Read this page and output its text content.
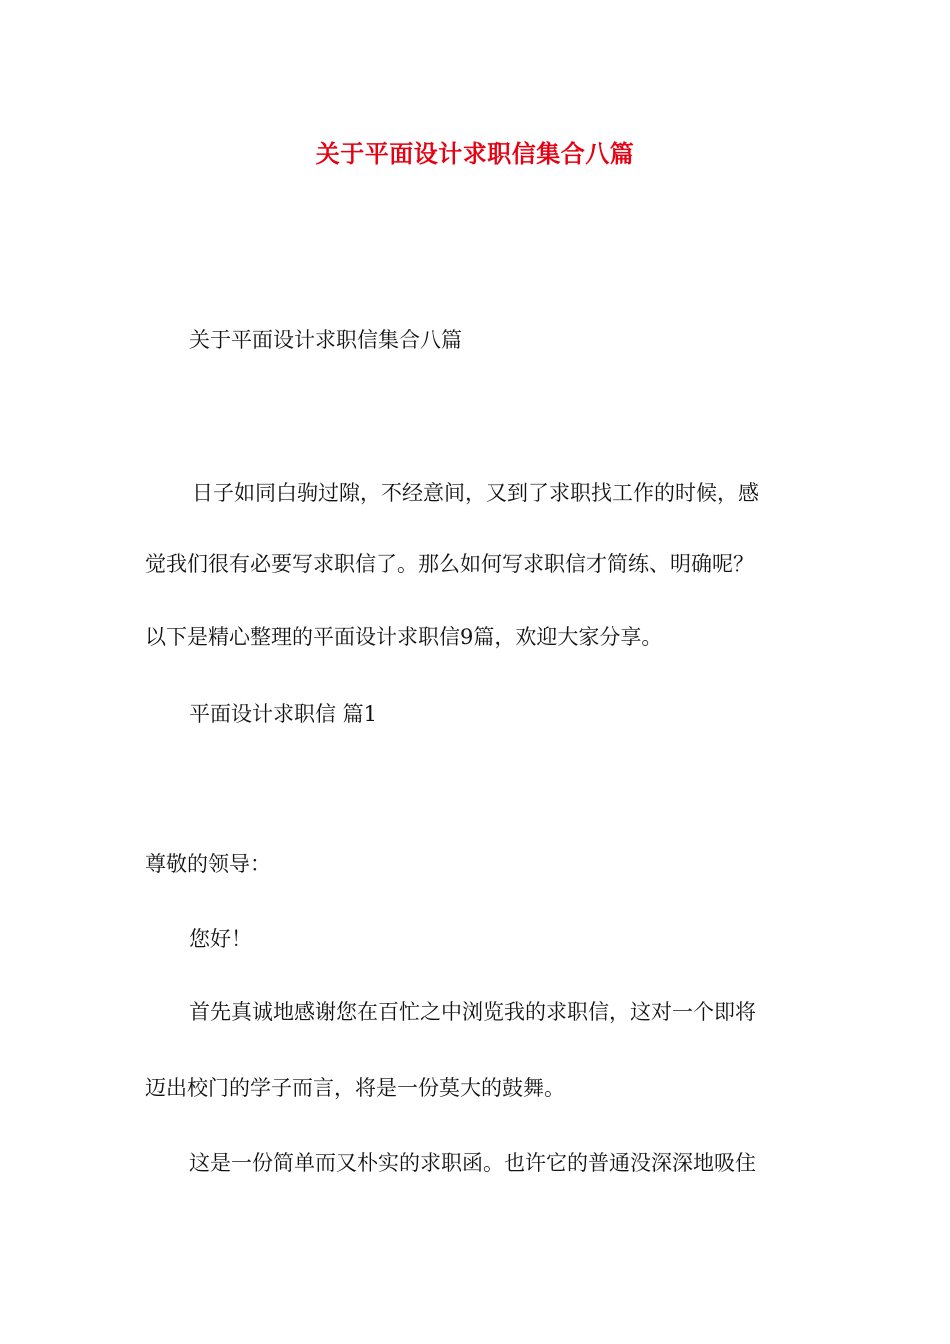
关于平面设计求职信集合八篇
关于平面设计求职信集合八篇
日子如同白驹过隙，不经意间，又到了求职找工作的时候，感
觉我们很有必要写求职信了。那么如何写求职信才简练、明确呢？
以下是精心整理的平面设计求职信9篇，欢迎大家分享。
平面设计求职信 篇1
尊敬的领导：
您好！
首先真诚地感谢您在百忙之中浏览我的求职信，这对一个即将
迈出校门的学子而言，将是一份莫大的鼓舞。
这是一份简单而又朴实的求职函。也许它的普通没深深地吸住
